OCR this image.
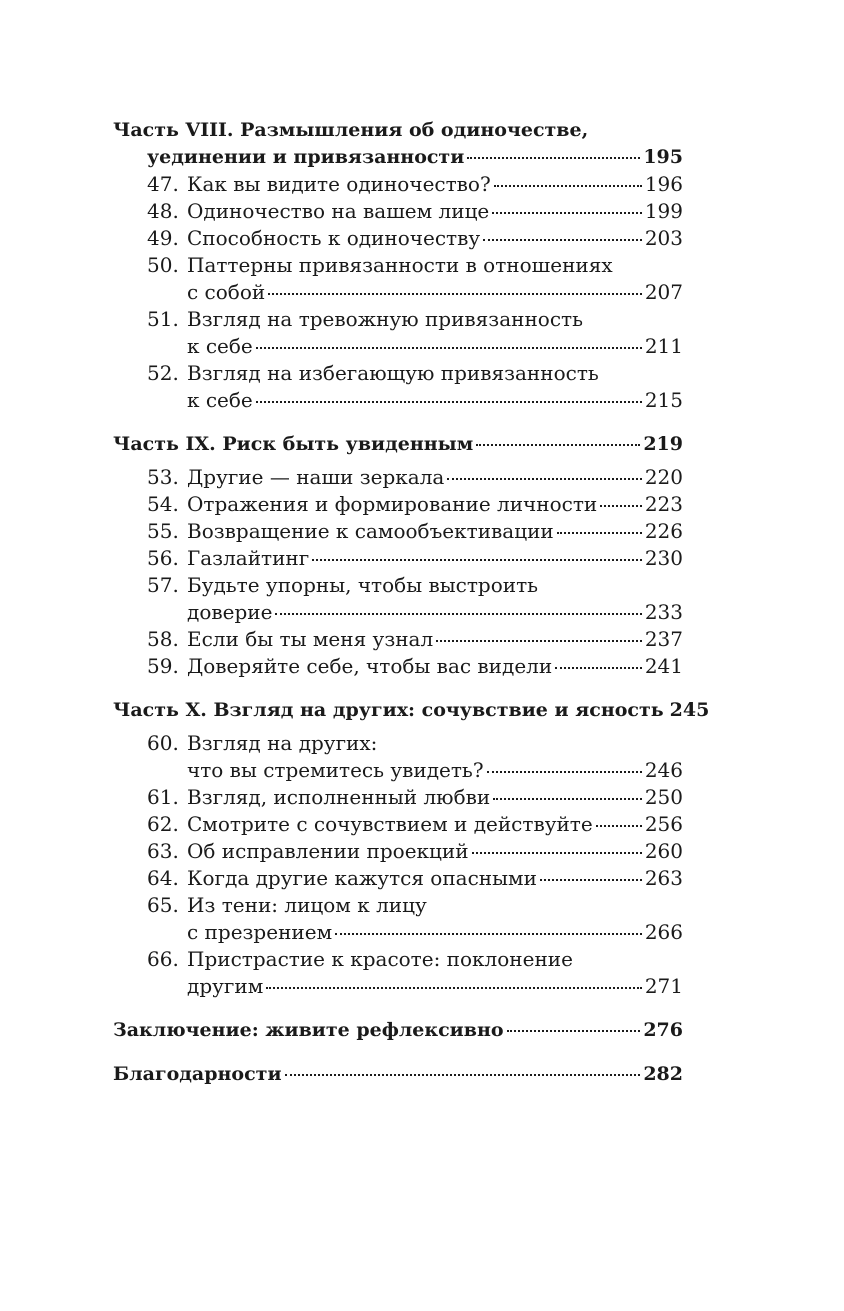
Часть VIII. Размышления об одиночестве,
уединении и привязанности	195
47. Как вы видите одиночество?	196
48. Одиночество на вашем лице	199
49. Способность к одиночеству	203
50. Паттерны привязанности в отношениях
с собой	207
51. Взгляд на тревожную привязанность
к себе	211
52. Взгляд на избегающую привязанность
к себе	215
Часть IX. Риск быть увиденным	219
53. Другие — наши зеркала	220
54. Отражения и формирование личности 223
55. Возвращение к самообъективации	226
56. Газлайтинг	230
57. Будьте упорны, чтобы выстроить
доверие	233
58. Если бы ты меня узнал	237
59. Доверяйте себе, чтобы вас видели	241
Часть X. Взгляд на других: сочувствие и ясность 245
60. Взгляд на других:
что вы стремитесь увидеть?	246
61. Взгляд, исполненный любви	250
62. Смотрите с сочувствием и действуйте	256
63. Об исправлении проекций	260
64. Когда другие кажутся опасными	263
65. Из тени: лицом к лицу
с презрением	266
66. Пристрастие к красоте: поклонение
другим	271
Заключение: живите рефлексивно	276
Благодарности	282
